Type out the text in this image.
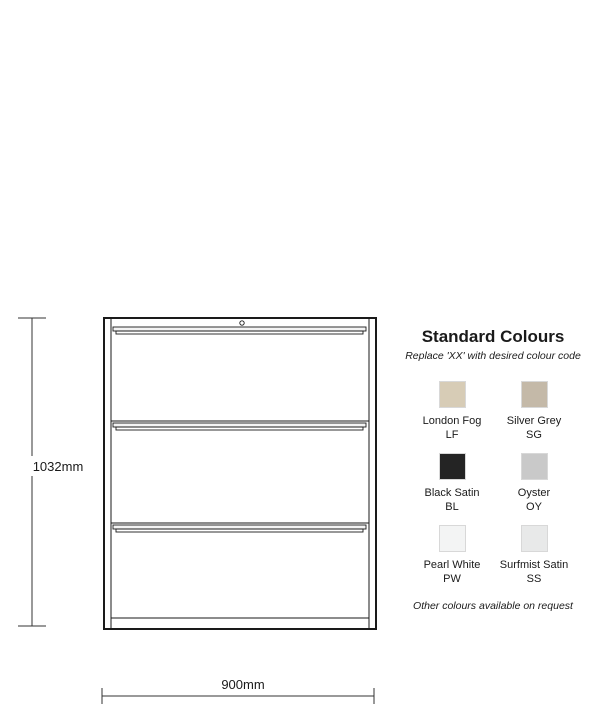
1032mm
900mm
Standard Colours
Replace 'XX' with desired colour code
London Fog
LF
Silver Grey
SG
Black Satin
BL
Oyster
OY
Pearl White
PW
Surfmist Satin
SS
Other colours available on request
